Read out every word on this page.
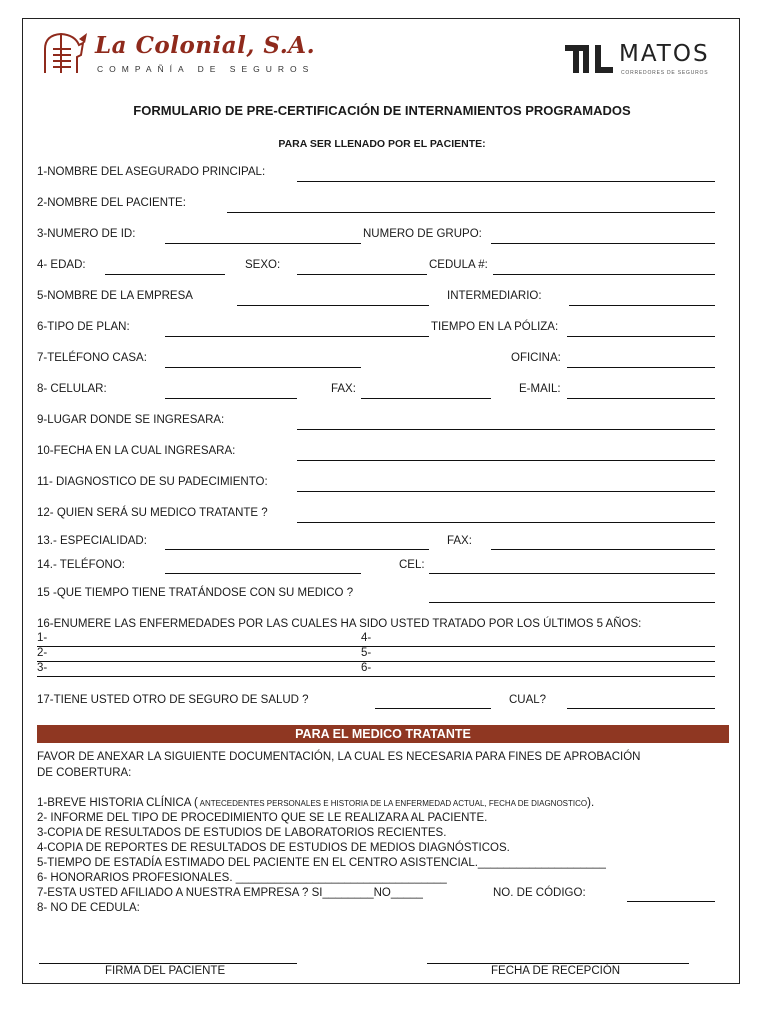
La Colonial, S.A.
COMPAÑÍA DE SEGUROS
MATOS
CORREDORES DE SEGUROS
FORMULARIO DE PRE-CERTIFICACIÓN DE INTERNAMIENTOS PROGRAMADOS
PARA SER LLENADO POR EL PACIENTE:
1-NOMBRE DEL ASEGURADO PRINCIPAL:
2-NOMBRE DEL PACIENTE:
3-NUMERO DE ID:	NUMERO DE GRUPO:
4- EDAD:	SEXO:	CEDULA #:
5-NOMBRE DE LA EMPRESA	INTERMEDIARIO:
6-TIPO DE PLAN:	TIEMPO EN LA PÓLIZA:
7-TELÉFONO CASA:	OFICINA:
8- CELULAR:	FAX:	E-MAIL:
9-LUGAR DONDE SE INGRESARA:
10-FECHA EN LA CUAL INGRESARA:
11- DIAGNOSTICO DE SU PADECIMIENTO:
12- QUIEN SERÁ SU MEDICO TRATANTE ?
13.- ESPECIALIDAD:	FAX:
14.- TELÉFONO:	CEL:
15 -QUE TIEMPO TIENE TRATÁNDOSE CON SU MEDICO ?
16-ENUMERE LAS ENFERMEDADES POR LAS CUALES HA SIDO USTED TRATADO POR LOS ÚLTIMOS 5 AÑOS:
1-
2-
3-
4-
5-
6-
17-TIENE USTED OTRO DE SEGURO DE SALUD ?	CUAL?
PARA EL MEDICO TRATANTE
FAVOR DE ANEXAR LA SIGUIENTE DOCUMENTACIÓN, LA CUAL ES NECESARIA PARA FINES DE APROBACIÓN
DE COBERTURA:
1-BREVE HISTORIA CLÍNICA ( ANTECEDENTES PERSONALES E HISTORIA DE LA ENFERMEDAD ACTUAL, FECHA DE DIAGNOSTICO).
2- INFORME DEL TIPO DE PROCEDIMIENTO QUE SE LE REALIZARA AL PACIENTE.
3-COPIA DE RESULTADOS DE ESTUDIOS DE LABORATORIOS RECIENTES.
4-COPIA DE REPORTES DE RESULTADOS DE ESTUDIOS DE MEDIOS DIAGNÓSTICOS.
5-TIEMPO DE ESTADÍA ESTIMADO DEL PACIENTE EN EL CENTRO ASISTENCIAL.____________________
6- HONORARIOS PROFESIONALES. _________________________________
7-ESTA USTED AFILIADO A NUESTRA EMPRESA ? SI________NO_____	NO. DE CÓDIGO:
8- NO DE CEDULA:
FIRMA DEL PACIENTE	FECHA DE RECEPCIÓN
